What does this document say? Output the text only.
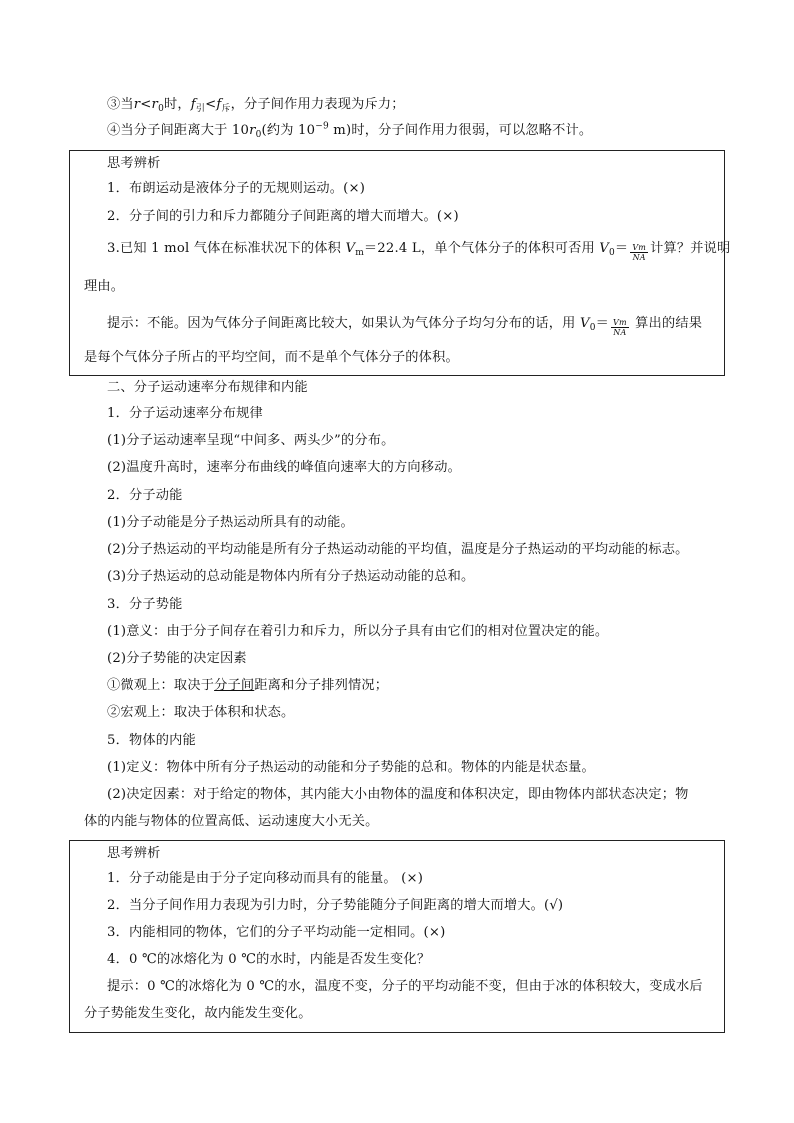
③当$r<r_0$时，$f_引<f_斥$，分子间作用力表现为斥力；
④当分子间距离大于 $10r_0$(约为 $10^{-9}$ m)时，分子间作用力很弱，可以忽略不计。
思考辨析
1．布朗运动是液体分子的无规则运动。(×)
2．分子间的引力和斥力都随分子间距离的增大而增大。(×)
3.已知 1 mol 气体在标准状况下的体积 $V_m=22.4$ L，单个气体分子的体积可否用 $V_0= \frac{Vm}{NA}$ 计算？并说明
理由。
提示：不能。因为气体分子间距离比较大，如果认为气体分子均匀分布的话，用 $V_0= \frac{Vm}{NA}$ 算出的结果
是每个气体分子所占的平均空间，而不是单个气体分子的体积。
二、分子运动速率分布规律和内能
1．分子运动速率分布规律
(1)分子运动速率呈现“中间多、两头少”的分布。
(2)温度升高时，速率分布曲线的峰值向速率大的方向移动。
2．分子动能
(1)分子动能是分子热运动所具有的动能。
(2)分子热运动的平均动能是所有分子热运动动能的平均值，温度是分子热运动的平均动能的标志。
(3)分子热运动的总动能是物体内所有分子热运动动能的总和。
3．分子势能
(1)意义：由于分子间存在着引力和斥力，所以分子具有由它们的相对位置决定的能。
(2)分子势能的决定因素
①微观上：取决于分子间距离和分子排列情况；
②宏观上：取决于体积和状态。
5．物体的内能
(1)定义：物体中所有分子热运动的动能和分子势能的总和。物体的内能是状态量。
(2)决定因素：对于给定的物体，其内能大小由物体的温度和体积决定，即由物体内部状态决定；物
体的内能与物体的位置高低、运动速度大小无关。
思考辨析
1．分子动能是由于分子定向移动而具有的能量。 (×)
2．当分子间作用力表现为引力时，分子势能随分子间距离的增大而增大。(√)
3．内能相同的物体，它们的分子平均动能一定相同。(×)
4．0 ℃的冰熔化为 0 ℃的水时，内能是否发生变化？
提示：0 ℃的冰熔化为 0 ℃的水，温度不变，分子的平均动能不变，但由于冰的体积较大，变成水后
分子势能发生变化，故内能发生变化。
